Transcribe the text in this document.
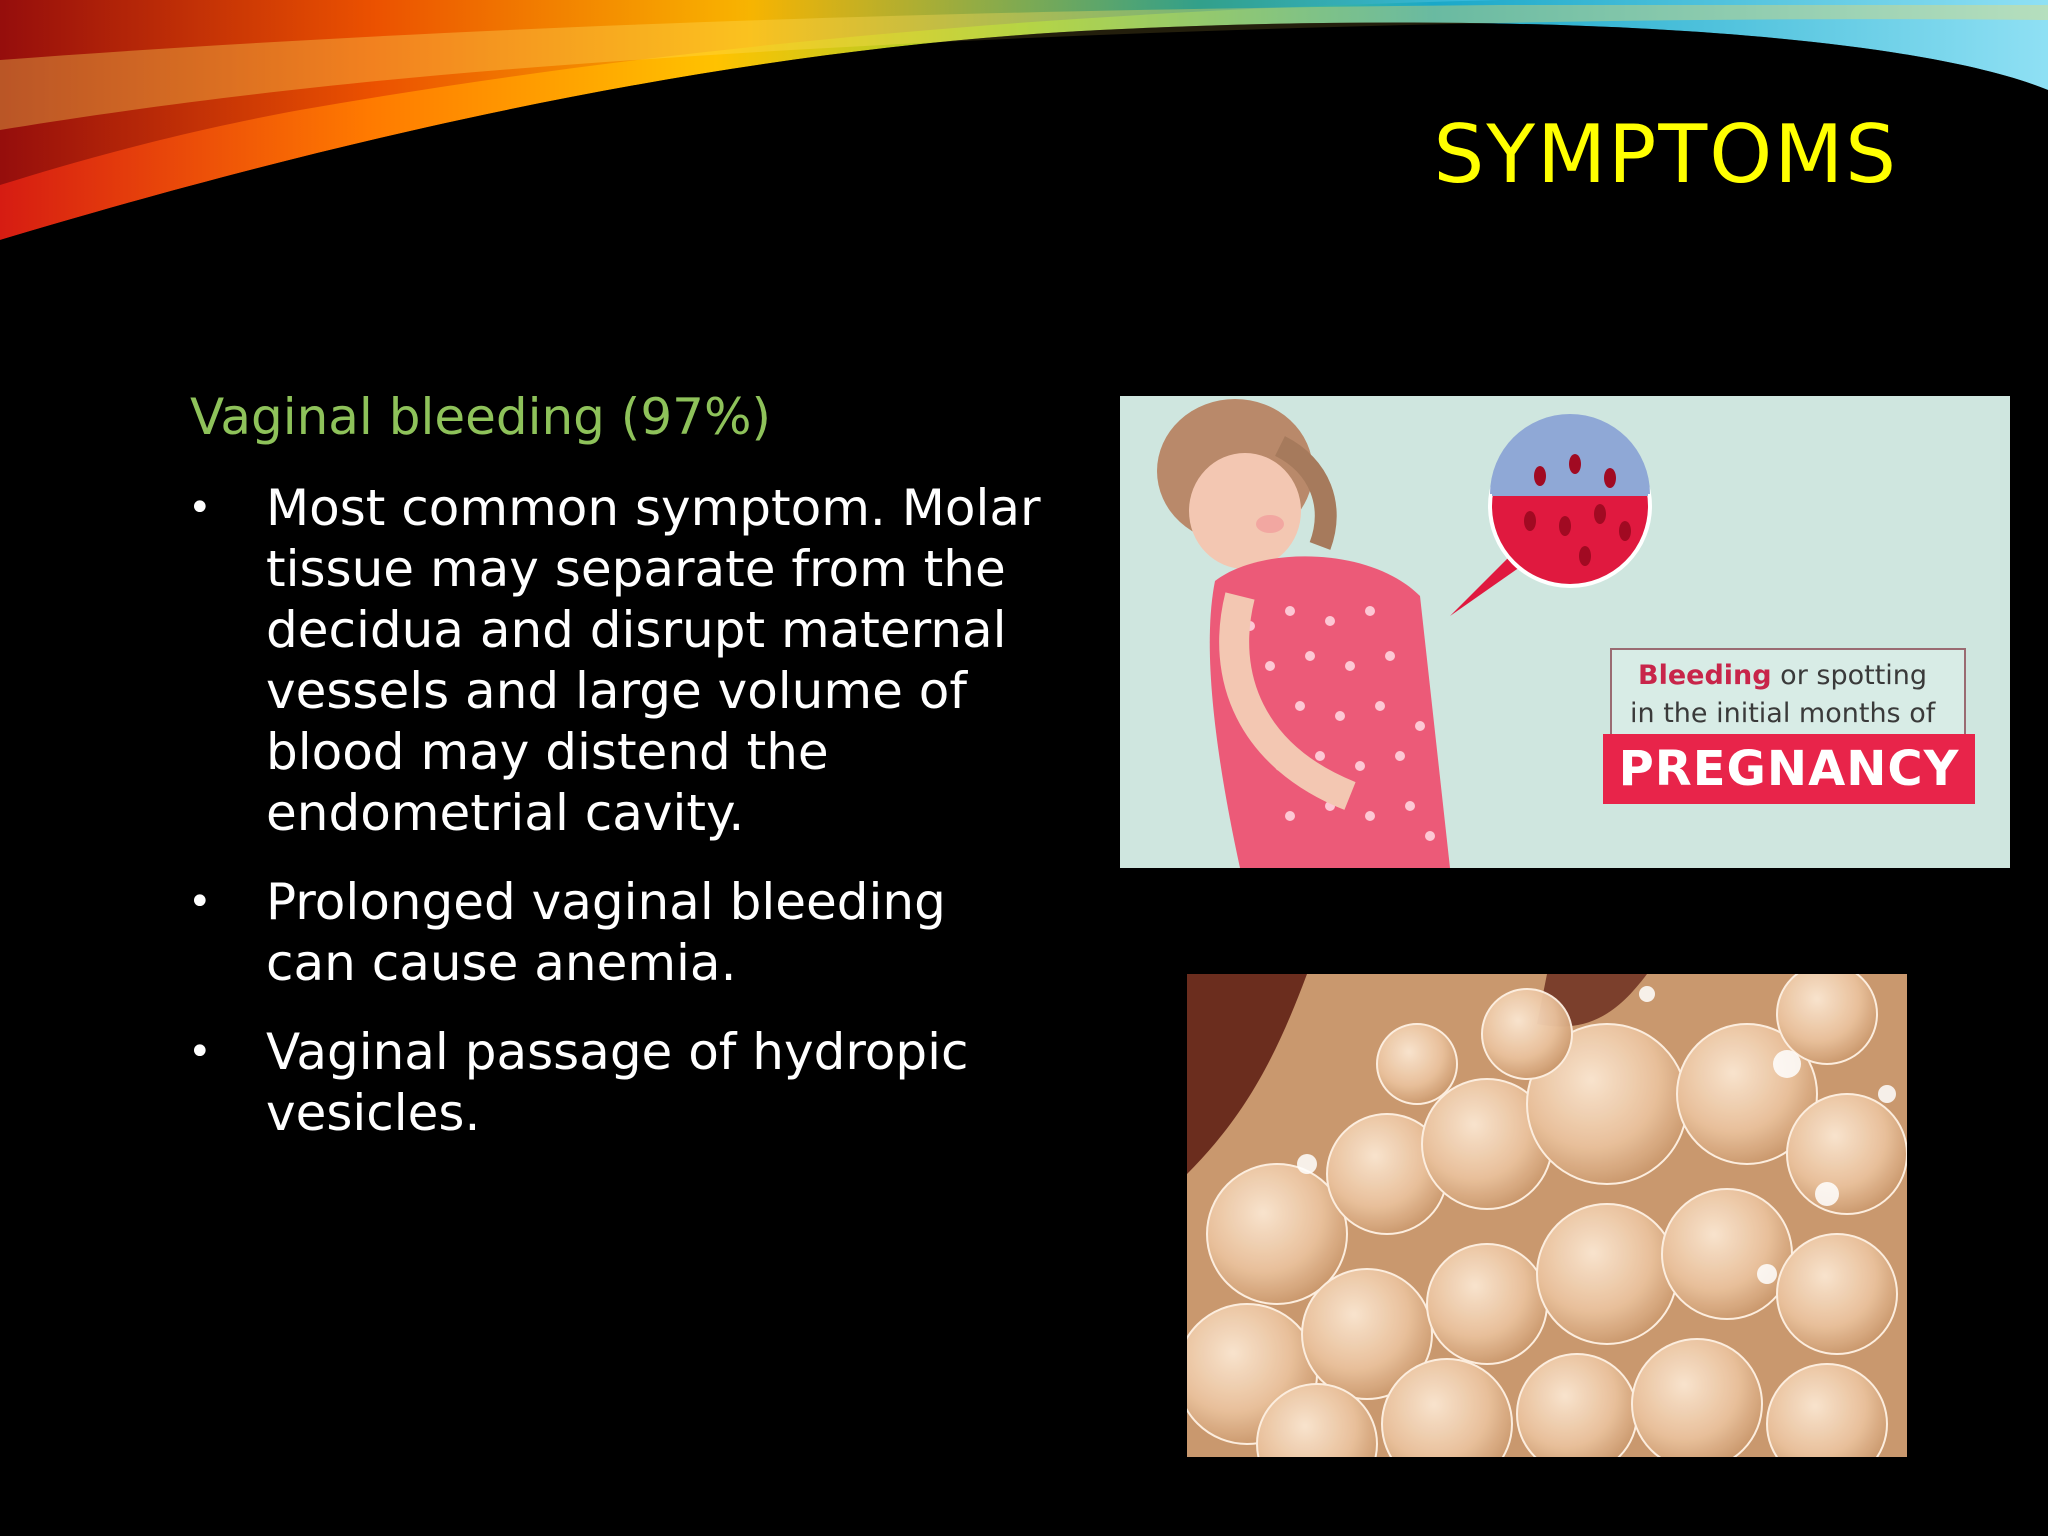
SYMPTOMS

Vaginal bleeding (97%)

• Most common symptom. Molar tissue may separate from the decidua and disrupt maternal vessels and large volume of blood may distend the endometrial cavity.
• Prolonged vaginal bleeding can cause anemia.
• Vaginal passage of hydropic vesicles.
Bleeding or spotting
in the initial months of
PREGNANCY
